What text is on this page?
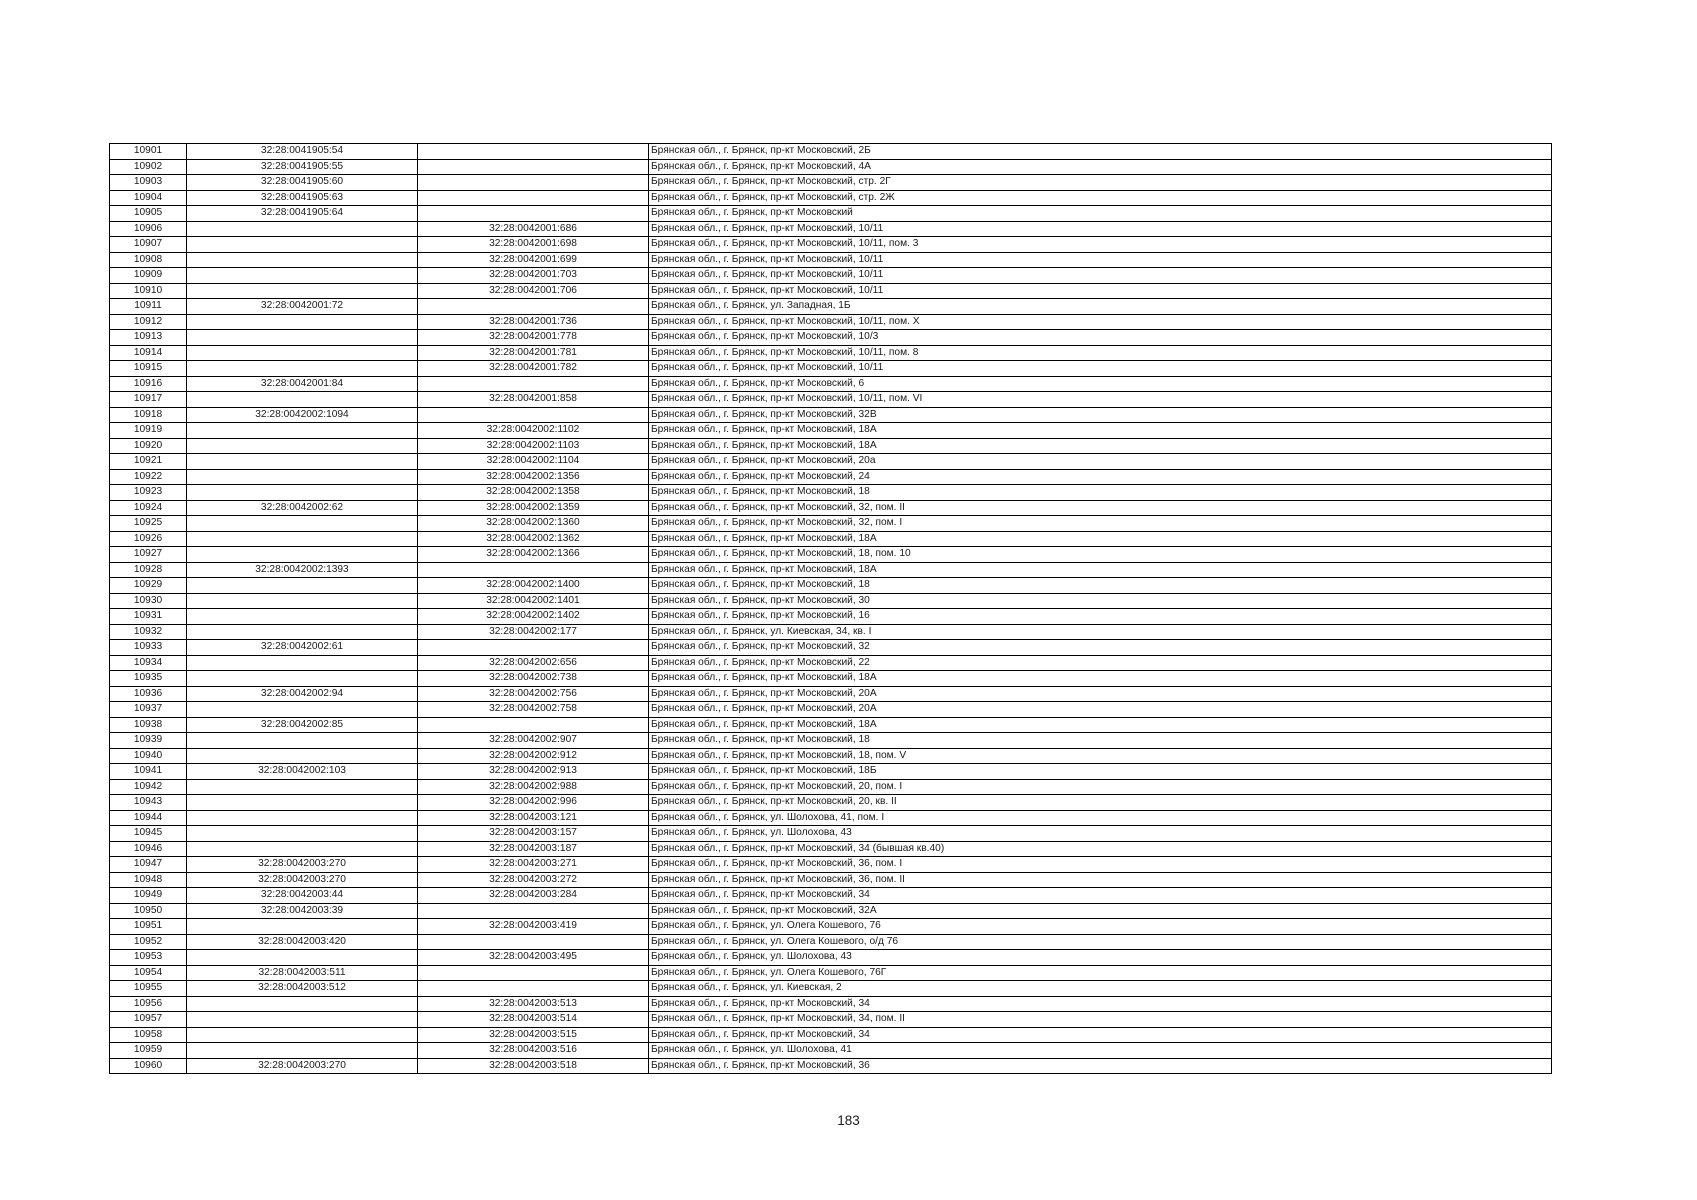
10901	32:28:0041905:54		Брянская обл., г. Брянск, пр-кт Московский, 2Б
10902	32:28:0041905:55		Брянская обл., г. Брянск, пр-кт Московский, 4А
10903	32:28:0041905:60		Брянская обл., г. Брянск, пр-кт Московский, стр. 2Г
10904	32:28:0041905:63		Брянская обл., г. Брянск, пр-кт Московский, стр. 2Ж
10905	32:28:0041905:64		Брянская обл., г. Брянск, пр-кт Московский
10906		32:28:0042001:686	Брянская обл., г. Брянск, пр-кт Московский, 10/11
10907		32:28:0042001:698	Брянская обл., г. Брянск, пр-кт Московский, 10/11, пом. 3
10908		32:28:0042001:699	Брянская обл., г. Брянск, пр-кт Московский, 10/11
10909		32:28:0042001:703	Брянская обл., г. Брянск, пр-кт Московский, 10/11
10910		32:28:0042001:706	Брянская обл., г. Брянск, пр-кт Московский, 10/11
10911	32:28:0042001:72		Брянская обл., г. Брянск, ул. Западная, 1Б
10912		32:28:0042001:736	Брянская обл., г. Брянск, пр-кт Московский, 10/11, пом. Х
10913		32:28:0042001:778	Брянская обл., г. Брянск, пр-кт Московский, 10/3
10914		32:28:0042001:781	Брянская обл., г. Брянск, пр-кт Московский, 10/11, пом. 8
10915		32:28:0042001:782	Брянская обл., г. Брянск, пр-кт Московский, 10/11
10916	32:28:0042001:84		Брянская обл., г. Брянск, пр-кт Московский, 6
10917		32:28:0042001:858	Брянская обл., г. Брянск, пр-кт Московский, 10/11, пом. VI
10918	32:28:0042002:1094		Брянская обл., г. Брянск, пр-кт Московский, 32В
10919		32:28:0042002:1102	Брянская обл., г. Брянск, пр-кт Московский, 18А
10920		32:28:0042002:1103	Брянская обл., г. Брянск, пр-кт Московский, 18А
10921		32:28:0042002:1104	Брянская обл., г. Брянск, пр-кт Московский, 20а
10922		32:28:0042002:1356	Брянская обл., г. Брянск, пр-кт Московский, 24
10923		32:28:0042002:1358	Брянская обл., г. Брянск, пр-кт Московский, 18
10924	32:28:0042002:62	32:28:0042002:1359	Брянская обл., г. Брянск, пр-кт Московский, 32, пом. II
10925		32:28:0042002:1360	Брянская обл., г. Брянск, пр-кт Московский, 32, пом. I
10926		32:28:0042002:1362	Брянская обл., г. Брянск, пр-кт Московский, 18А
10927		32:28:0042002:1366	Брянская обл., г. Брянск, пр-кт Московский, 18, пом. 10
10928	32:28:0042002:1393		Брянская обл., г. Брянск, пр-кт Московский, 18А
10929		32:28:0042002:1400	Брянская обл., г. Брянск, пр-кт Московский, 18
10930		32:28:0042002:1401	Брянская обл., г. Брянск, пр-кт Московский, 30
10931		32:28:0042002:1402	Брянская обл., г. Брянск, пр-кт Московский, 16
10932		32:28:0042002:177	Брянская обл., г. Брянск, ул. Киевская, 34, кв. I
10933	32:28:0042002:61		Брянская обл., г. Брянск, пр-кт Московский, 32
10934		32:28:0042002:656	Брянская обл., г. Брянск, пр-кт Московский, 22
10935		32:28:0042002:738	Брянская обл., г. Брянск, пр-кт Московский, 18А
10936	32:28:0042002:94	32:28:0042002:756	Брянская обл., г. Брянск, пр-кт Московский, 20А
10937		32:28:0042002:758	Брянская обл., г. Брянск, пр-кт Московский, 20А
10938	32:28:0042002:85		Брянская обл., г. Брянск, пр-кт Московский, 18А
10939		32:28:0042002:907	Брянская обл., г. Брянск, пр-кт Московский, 18
10940		32:28:0042002:912	Брянская обл., г. Брянск, пр-кт Московский, 18, пом. V
10941	32:28:0042002:103	32:28:0042002:913	Брянская обл., г. Брянск, пр-кт Московский, 18Б
10942		32:28:0042002:988	Брянская обл., г. Брянск, пр-кт Московский, 20, пом. I
10943		32:28:0042002:996	Брянская обл., г. Брянск, пр-кт Московский, 20, кв. II
10944		32:28:0042003:121	Брянская обл., г. Брянск, ул. Шолохова, 41, пом. I
10945		32:28:0042003:157	Брянская обл., г. Брянск, ул. Шолохова, 43
10946		32:28:0042003:187	Брянская обл., г. Брянск, пр-кт Московский, 34 (бывшая кв.40)
10947	32:28:0042003:270	32:28:0042003:271	Брянская обл., г. Брянск, пр-кт Московский, 36, пом. I
10948	32:28:0042003:270	32:28:0042003:272	Брянская обл., г. Брянск, пр-кт Московский, 36, пом. II
10949	32:28:0042003:44	32:28:0042003:284	Брянская обл., г. Брянск, пр-кт Московский, 34
10950	32:28:0042003:39		Брянская обл., г. Брянск, пр-кт Московский, 32А
10951		32:28:0042003:419	Брянская обл., г. Брянск, ул. Олега Кошевого, 76
10952	32:28:0042003:420		Брянская обл., г. Брянск, ул. Олега Кошевого, о/д 76
10953		32:28:0042003:495	Брянская обл., г. Брянск, ул. Шолохова, 43
10954	32:28:0042003:511		Брянская обл., г. Брянск, ул. Олега Кошевого, 76Г
10955	32:28:0042003:512		Брянская обл., г. Брянск, ул. Киевская, 2
10956		32:28:0042003:513	Брянская обл., г. Брянск, пр-кт Московский, 34
10957		32:28:0042003:514	Брянская обл., г. Брянск, пр-кт Московский, 34, пом. II
10958		32:28:0042003:515	Брянская обл., г. Брянск, пр-кт Московский, 34
10959		32:28:0042003:516	Брянская обл., г. Брянск, ул. Шолохова, 41
10960	32:28:0042003:270	32:28:0042003:518	Брянская обл., г. Брянск, пр-кт Московский, 36
183
